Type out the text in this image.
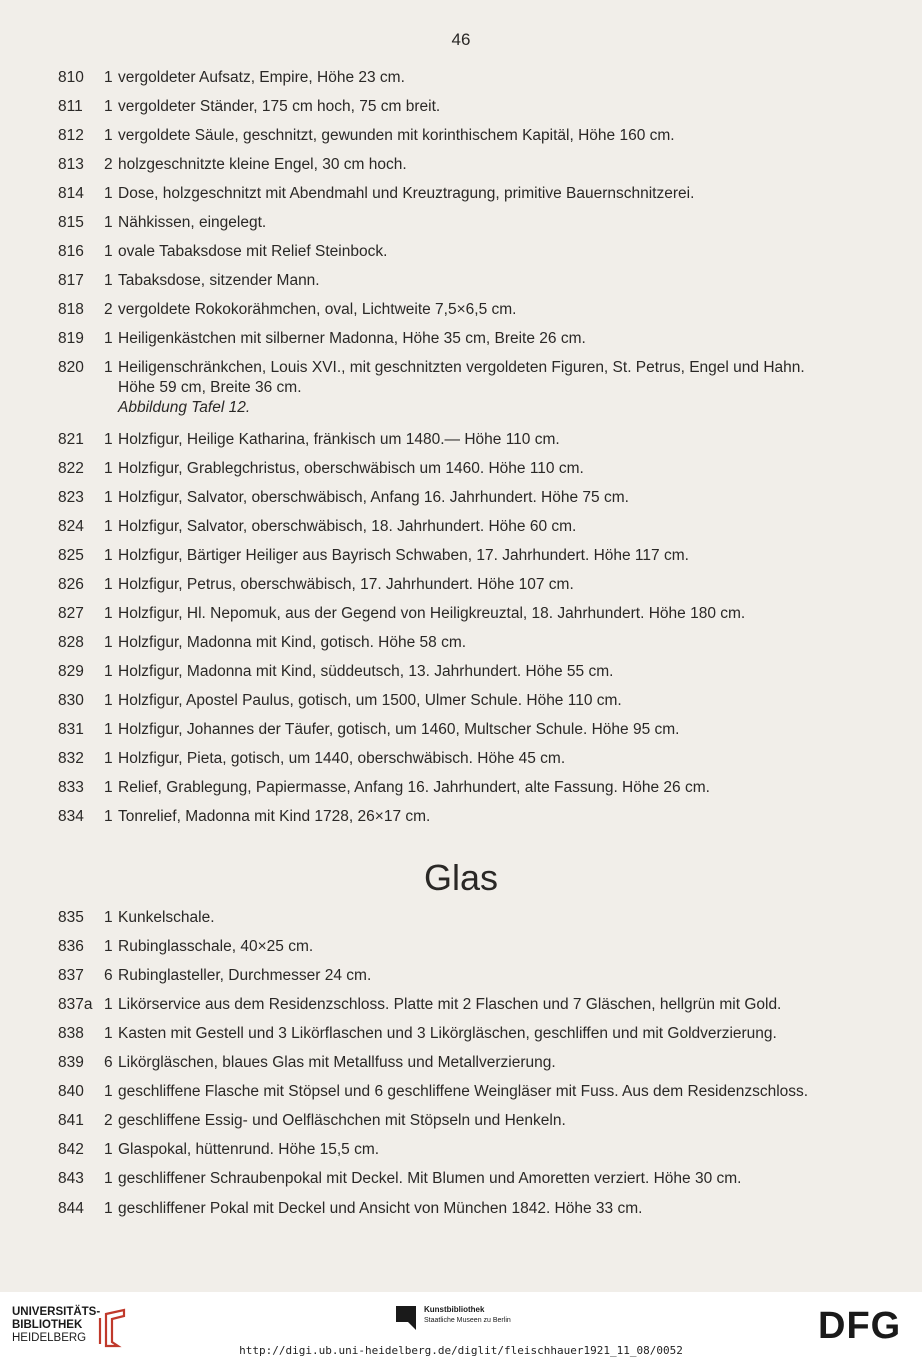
46
810	1 vergoldeter Aufsatz, Empire, Höhe 23 cm.
811	1 vergoldeter Ständer, 175 cm hoch, 75 cm breit.
812	1 vergoldete Säule, geschnitzt, gewunden mit korinthischem Kapitäl, Höhe 160 cm.
813	2 holzgeschnitzte kleine Engel, 30 cm hoch.
814	1 Dose, holzgeschnitzt mit Abendmahl und Kreuztragung, primitive Bauernschnitzerei.
815	1 Nähkissen, eingelegt.
816	1 ovale Tabaksdose mit Relief Steinbock.
817	1 Tabaksdose, sitzender Mann.
818	2 vergoldete Rokokorähmchen, oval, Lichtweite 7,5×6,5 cm.
819	1 Heiligenkästchen mit silberner Madonna, Höhe 35 cm, Breite 26 cm.
820	1 Heiligenschränkchen, Louis XVI., mit geschnitzten vergoldeten Figuren, St. Petrus, Engel und Hahn.
Höhe 59 cm, Breite 36 cm.
Abbildung Tafel 12.
821	1 Holzfigur, Heilige Katharina, fränkisch um 1480.— Höhe 110 cm.
822	1 Holzfigur, Grablegchristus, oberschwäbisch um 1460. Höhe 110 cm.
823	1 Holzfigur, Salvator, oberschwäbisch, Anfang 16. Jahrhundert. Höhe 75 cm.
824	1 Holzfigur, Salvator, oberschwäbisch, 18. Jahrhundert. Höhe 60 cm.
825	1 Holzfigur, Bärtiger Heiliger aus Bayrisch Schwaben, 17. Jahrhundert. Höhe 117 cm.
826	1 Holzfigur, Petrus, oberschwäbisch, 17. Jahrhundert. Höhe 107 cm.
827	1 Holzfigur, Hl. Nepomuk, aus der Gegend von Heiligkreuztal, 18. Jahrhundert. Höhe 180 cm.
828	1 Holzfigur, Madonna mit Kind, gotisch. Höhe 58 cm.
829	1 Holzfigur, Madonna mit Kind, süddeutsch, 13. Jahrhundert. Höhe 55 cm.
830	1 Holzfigur, Apostel Paulus, gotisch, um 1500, Ulmer Schule. Höhe 110 cm.
831	1 Holzfigur, Johannes der Täufer, gotisch, um 1460, Multscher Schule. Höhe 95 cm.
832	1 Holzfigur, Pieta, gotisch, um 1440, oberschwäbisch. Höhe 45 cm.
833	1 Relief, Grablegung, Papiermasse, Anfang 16. Jahrhundert, alte Fassung. Höhe 26 cm.
834	1 Tonrelief, Madonna mit Kind 1728, 26×17 cm.
Glas
835	1 Kunkelschale.
836	1 Rubinglasschale, 40×25 cm.
837	6 Rubinglasteller, Durchmesser 24 cm.
837a 1 Likörservice aus dem Residenzschloss. Platte mit 2 Flaschen und 7 Gläschen, hellgrün mit Gold.
838	1 Kasten mit Gestell und 3 Likörflaschen und 3 Likörgläschen, geschliffen und mit Goldverzierung.
839	6 Likörgläschen, blaues Glas mit Metallfuss und Metallverzierung.
840	1 geschliffene Flasche mit Stöpsel und 6 geschliffene Weingläser mit Fuss. Aus dem Residenzschloss.
841	2 geschliffene Essig- und Oelfläschchen mit Stöpseln und Henkeln.
842	1 Glaspokal, hüttenrund. Höhe 15,5 cm.
843	1 geschliffener Schraubenpokal mit Deckel. Mit Blumen und Amoretten verziert. Höhe 30 cm.
844	1 geschliffener Pokal mit Deckel und Ansicht von München 1842. Höhe 33 cm.
UNIVERSITÄTS-
BIBLIOTHEK
HEIDELBERG
Kunstbibliothek
Staatliche Museen zu Berlin	DFG
http://digi.ub.uni-heidelberg.de/diglit/fleischhauer1921_11_08/0052
